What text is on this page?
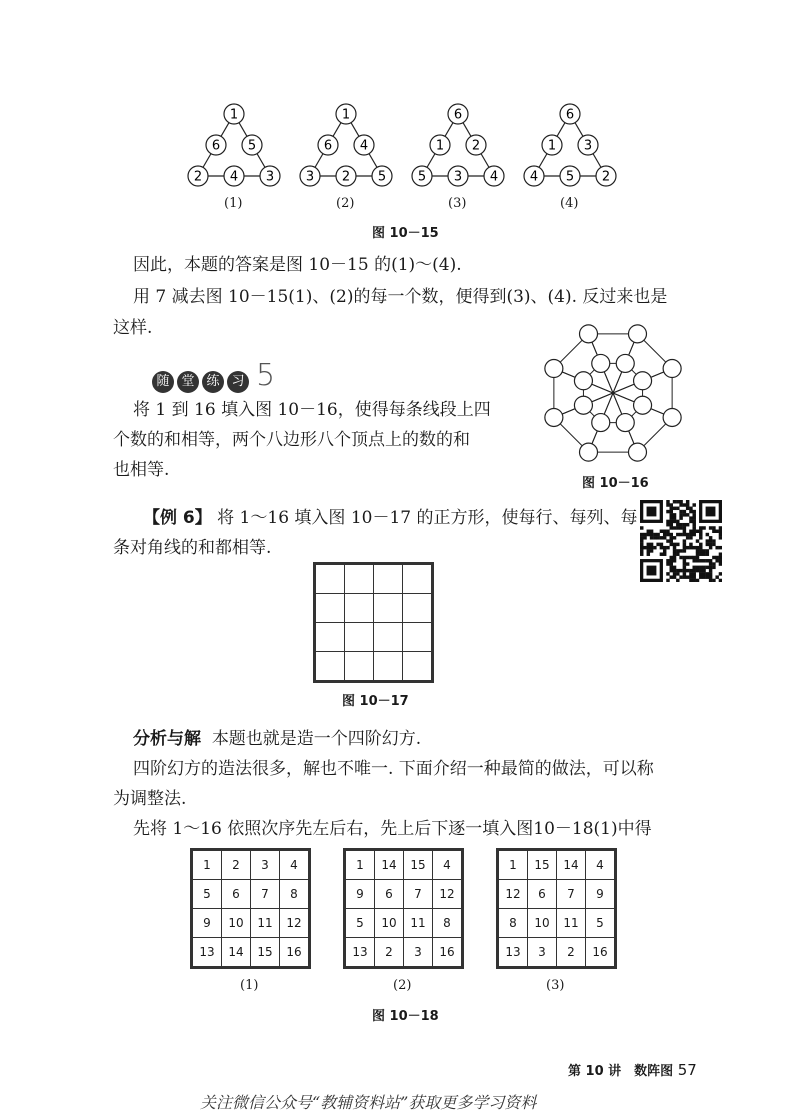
1
6 5
2 4 3
1
6 4
3 2 5
6
1 2
5 3 4
6
1 3
4 5 2
(1)	(2)	(3)	(4)
图 10－15
因此，本题的答案是图 10－15 的(1)～(4).
用 7 减去图 10－15(1)、(2)的每一个数，便得到(3)、(4). 反过来也是
这样.
随 堂 练 习 5
将 1 到 16 填入图 10－16，使得每条线段上四
个数的和相等，两个八边形八个顶点上的数的和
也相等.
图 10－16
【例 6】 将 1～16 填入图 10－17 的正方形，使每行、每列、每
条对角线的和都相等.

图 10－17
分析与解 本题也就是造一个四阶幻方.
四阶幻方的造法很多，解也不唯一. 下面介绍一种最简的做法，可以称
为调整法.
先将 1～16 依照次序先左后右，先上后下逐一填入图10－18(1)中得
1	2	3	4
5	6	7	8
9	10	11	12
13	14	15	16
1	14	15	4
9	6	7	12
5	10	11	8
13	2	3	16
1	15	14	4
12	6	7	9
8	10	11	5
13	3	2	16
(1)	(2)	(3)
图 10－18
第 10 讲　数阵图 57
关注微信公众号“教辅资料站”获取更多学习资料
